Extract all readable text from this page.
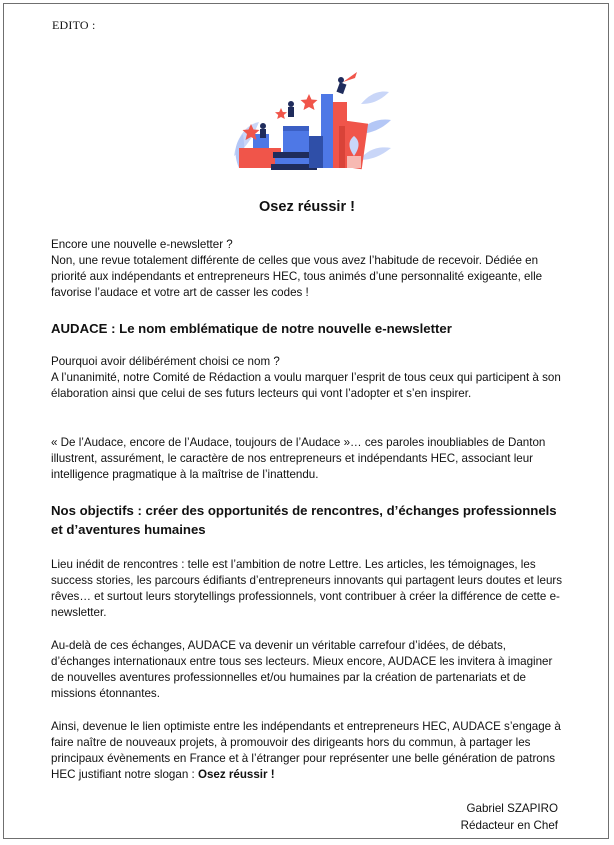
EDITO :
Osez réussir !

Encore une nouvelle e-newsletter ?

Non, une revue totalement différente de celles que vous avez l’habitude de recevoir. Dédiée en priorité aux indépendants et entrepreneurs HEC, tous animés d’une personnalité exigeante, elle favorise l’audace et votre art de casser les codes !

AUDACE : Le nom emblématique de notre nouvelle e-newsletter

Pourquoi avoir délibérément choisi ce nom ?

A l’unanimité, notre Comité de Rédaction a voulu marquer l’esprit de tous ceux qui participent à son élaboration ainsi que celui de ses futurs lecteurs qui vont l’adopter et s’en inspirer.

« De l’Audace, encore de l’Audace, toujours de l’Audace »… ces paroles inoubliables de Danton illustrent, assurément, le caractère de nos entrepreneurs et indépendants HEC, associant leur intelligence pragmatique à la maîtrise de l’inattendu.

Nos objectifs : créer des opportunités de rencontres, d’échanges professionnels et d’aventures humaines

Lieu inédit de rencontres : telle est l’ambition de notre Lettre. Les articles, les témoignages, les success stories, les parcours édifiants d’entrepreneurs innovants qui partagent leurs doutes et leurs rêves… et surtout leurs storytellings professionnels, vont contribuer à créer la différence de cette e-newsletter.

Au-delà de ces échanges, AUDACE va devenir un véritable carrefour d’idées, de débats, d’échanges internationaux entre tous ses lecteurs. Mieux encore, AUDACE les invitera à imaginer de nouvelles aventures professionnelles et/ou humaines par la création de partenariats et de missions étonnantes.

Ainsi, devenue le lien optimiste entre les indépendants et entrepreneurs HEC, AUDACE s’engage à faire naître de nouveaux projets, à promouvoir des dirigeants hors du commun, à partager les principaux évènements en France et à l’étranger pour représenter une belle génération de patrons HEC justifiant notre slogan : Osez réussir !

Gabriel SZAPIRO
Rédacteur en Chef
